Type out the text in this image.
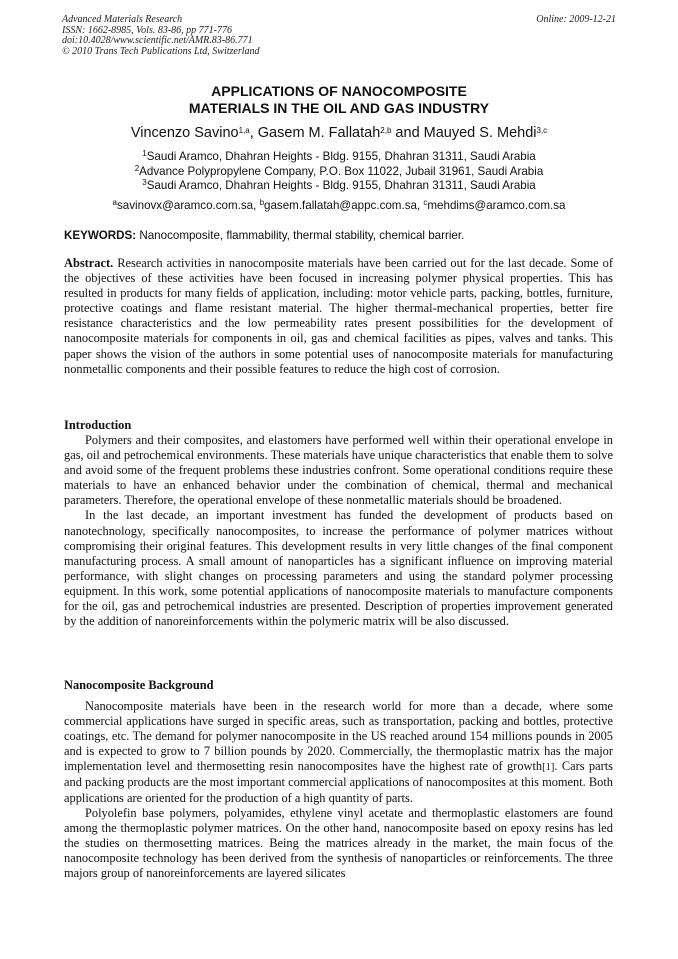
Advanced Materials Research
ISSN: 1662-8985, Vols. 83-86, pp 771-776
doi:10.4028/www.scientific.net/AMR.83-86.771
© 2010 Trans Tech Publications Ltd, Switzerland
Online: 2009-12-21
APPLICATIONS OF NANOCOMPOSITE
MATERIALS IN THE OIL AND GAS INDUSTRY
Vincenzo Savino$^{1,a}$, Gasem M. Fallatah$^{2,b}$ and Mauyed S. Mehdi$^{3,c}$
$^1$Saudi Aramco, Dhahran Heights - Bldg. 9155, Dhahran 31311, Saudi Arabia
$^2$Advance Polypropylene Company, P.O. Box 11022, Jubail 31961, Saudi Arabia
$^3$Saudi Aramco, Dhahran Heights - Bldg. 9155, Dhahran 31311, Saudi Arabia
$^a$savinovx@aramco.com.sa, $^b$gasem.fallatah@appc.com.sa, $^c$mehdims@aramco.com.sa
KEYWORDS: Nanocomposite, flammability, thermal stability, chemical barrier.

Abstract. Research activities in nanocomposite materials have been carried out for the last decade. Some of the objectives of these activities have been focused in increasing polymer physical properties. This has resulted in products for many fields of application, including: motor vehicle parts, packing, bottles, furniture, protective coatings and flame resistant material. The higher thermal-mechanical properties, better fire resistance characteristics and the low permeability rates present possibilities for the development of nanocomposite materials for components in oil, gas and chemical facilities as pipes, valves and tanks. This paper shows the vision of the authors in some potential uses of nanocomposite materials for manufacturing nonmetallic components and their possible features to reduce the high cost of corrosion.

Introduction

Polymers and their composites, and elastomers have performed well within their operational envelope in gas, oil and petrochemical environments. These materials have unique characteristics that enable them to solve and avoid some of the frequent problems these industries confront. Some operational conditions require these materials to have an enhanced behavior under the combination of chemical, thermal and mechanical parameters. Therefore, the operational envelope of these nonmetallic materials should be broadened.

In the last decade, an important investment has funded the development of products based on nanotechnology, specifically nanocomposites, to increase the performance of polymer matrices without compromising their original features. This development results in very little changes of the final component manufacturing process. A small amount of nanoparticles has a significant influence on improving material performance, with slight changes on processing parameters and using the standard polymer processing equipment. In this work, some potential applications of nanocomposite materials to manufacture components for the oil, gas and petrochemical industries are presented. Description of properties improvement generated by the addition of nanoreinforcements within the polymeric matrix will be also discussed.

Nanocomposite Background

Nanocomposite materials have been in the research world for more than a decade, where some commercial applications have surged in specific areas, such as transportation, packing and bottles, protective coatings, etc. The demand for polymer nanocomposite in the US reached around 154 millions pounds in 2005 and is expected to grow to 7 billion pounds by 2020. Commercially, the thermoplastic matrix has the major implementation level and thermosetting resin nanocomposites have the highest rate of growth[1]. Cars parts and packing products are the most important commercial applications of nanocomposites at this moment. Both applications are oriented for the production of a high quantity of parts.

Polyolefin base polymers, polyamides, ethylene vinyl acetate and thermoplastic elastomers are found among the thermoplastic polymer matrices. On the other hand, nanocomposite based on epoxy resins has led the studies on thermosetting matrices. Being the matrices already in the market, the main focus of the nanocomposite technology has been derived from the synthesis of nanoparticles or reinforcements. The three majors group of nanoreinforcements are layered silicates
